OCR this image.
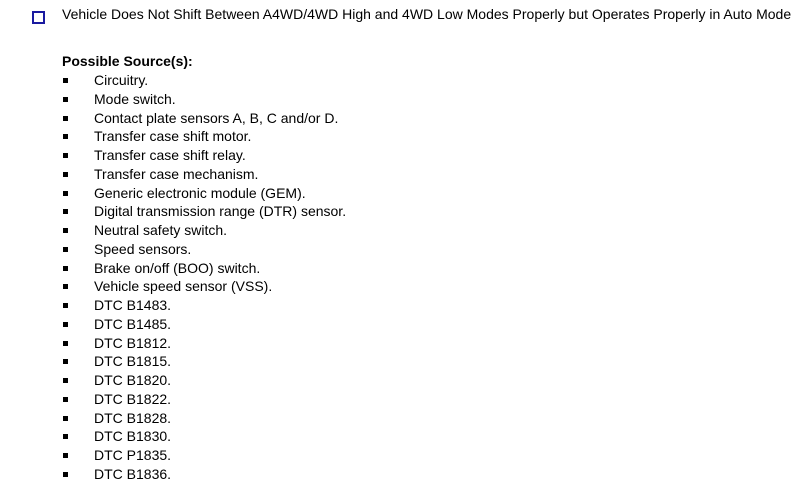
Vehicle Does Not Shift Between A4WD/4WD High and 4WD Low Modes Properly but Operates Properly in Auto Mode
Possible Source(s):
Circuitry.
Mode switch.
Contact plate sensors A, B, C and/or D.
Transfer case shift motor.
Transfer case shift relay.
Transfer case mechanism.
Generic electronic module (GEM).
Digital transmission range (DTR) sensor.
Neutral safety switch.
Speed sensors.
Brake on/off (BOO) switch.
Vehicle speed sensor (VSS).
DTC B1483.
DTC B1485.
DTC B1812.
DTC B1815.
DTC B1820.
DTC B1822.
DTC B1828.
DTC B1830.
DTC P1835.
DTC B1836.
